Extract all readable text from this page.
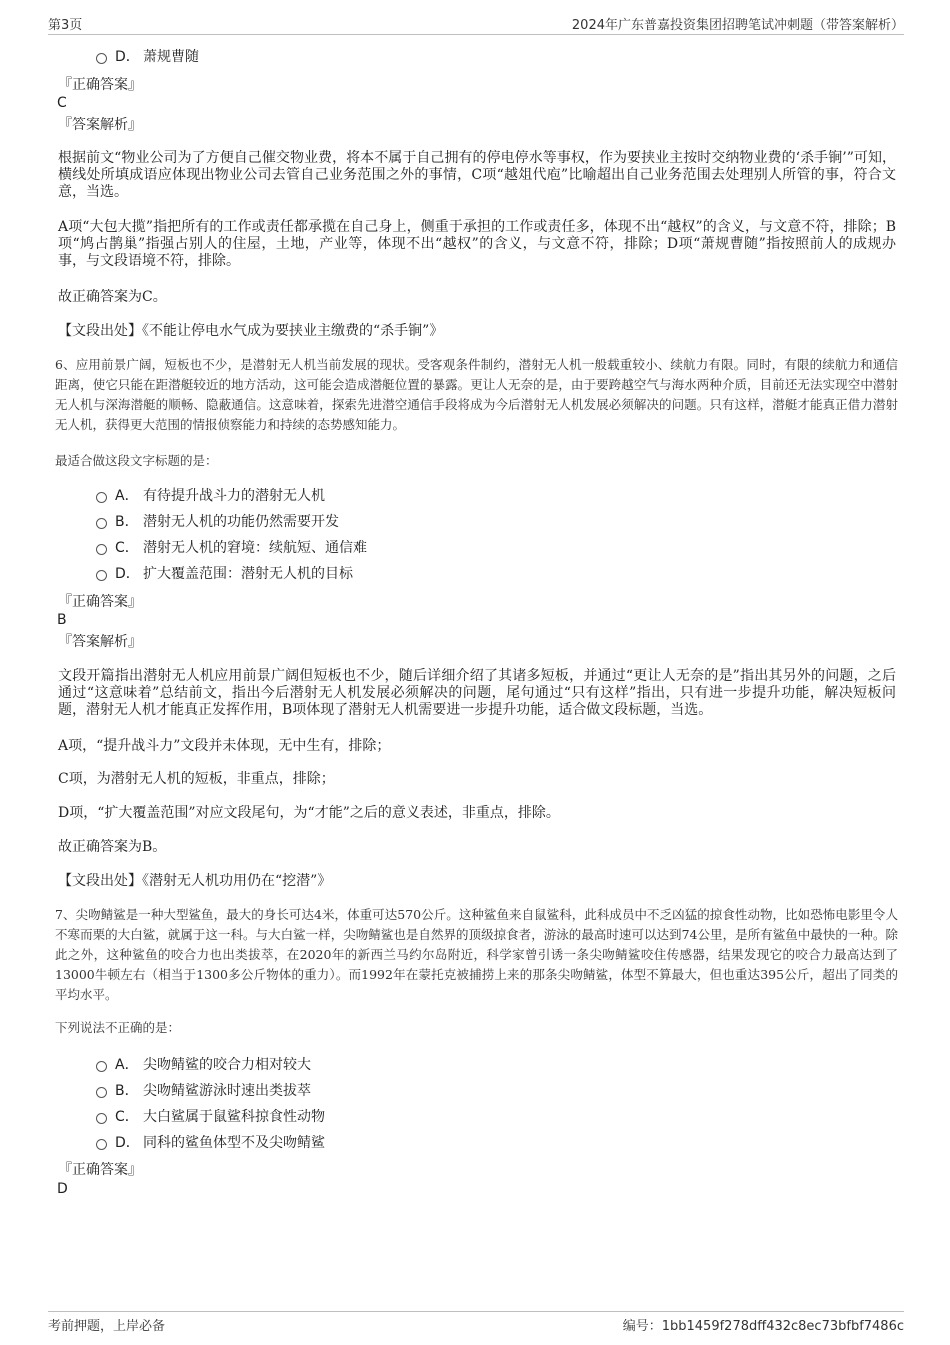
第3页	2024年广东普嘉投资集团招聘笔试冲刺题（带答案解析）
D． 萧规曹随
『正确答案』
C
『答案解析』
根据前文“物业公司为了方便自己催交物业费，将本不属于自己拥有的停电停水等事权，作为要挟业主按时交纳物业费的‘杀手锏’”可知，横线处所填成语应体现出物业公司去管自己业务范围之外的事情，C项“越俎代庖”比喻超出自己业务范围去处理别人所管的事，符合文意，当选。
A项“大包大揽”指把所有的工作或责任都承揽在自己身上，侧重于承担的工作或责任多，体现不出“越权”的含义，与文意不符，排除；B项“鸠占鹊巢”指强占别人的住屋，土地，产业等，体现不出“越权”的含义，与文意不符，排除；D项“萧规曹随”指按照前人的成规办事，与文段语境不符，排除。
故正确答案为C。
【文段出处】《不能让停电水气成为要挟业主缴费的“杀手锏”》
6、应用前景广阔，短板也不少，是潜射无人机当前发展的现状。受客观条件制约，潜射无人机一般载重较小、续航力有限。同时，有限的续航力和通信距离，使它只能在距潜艇较近的地方活动，这可能会造成潜艇位置的暴露。更让人无奈的是，由于要跨越空气与海水两种介质，目前还无法实现空中潜射无人机与深海潜艇的顺畅、隐蔽通信。这意味着，探索先进潜空通信手段将成为今后潜射无人机发展必须解决的问题。只有这样，潜艇才能真正借力潜射无人机，获得更大范围的情报侦察能力和持续的态势感知能力。
最适合做这段文字标题的是：
A． 有待提升战斗力的潜射无人机
B． 潜射无人机的功能仍然需要开发
C． 潜射无人机的窘境：续航短、通信难
D． 扩大覆盖范围：潜射无人机的目标
『正确答案』
B
『答案解析』
文段开篇指出潜射无人机应用前景广阔但短板也不少，随后详细介绍了其诸多短板，并通过“更让人无奈的是”指出其另外的问题，之后通过“这意味着”总结前文，指出今后潜射无人机发展必须解决的问题，尾句通过“只有这样”指出，只有进一步提升功能，解决短板问题，潜射无人机才能真正发挥作用，B项体现了潜射无人机需要进一步提升功能，适合做文段标题，当选。
A项，“提升战斗力”文段并未体现，无中生有，排除；
C项，为潜射无人机的短板，非重点，排除；
D项，“扩大覆盖范围”对应文段尾句，为“才能”之后的意义表述，非重点，排除。
故正确答案为B。
【文段出处】《潜射无人机功用仍在“挖潜”》
7、尖吻鲭鲨是一种大型鲨鱼，最大的身长可达4米，体重可达570公斤。这种鲨鱼来自鼠鲨科，此科成员中不乏凶猛的掠食性动物，比如恐怖电影里令人不寒而栗的大白鲨，就属于这一科。与大白鲨一样，尖吻鲭鲨也是自然界的顶级掠食者，游泳的最高时速可以达到74公里，是所有鲨鱼中最快的一种。除此之外，这种鲨鱼的咬合力也出类拔萃，在2020年的新西兰马约尔岛附近，科学家曾引诱一条尖吻鲭鲨咬住传感器，结果发现它的咬合力最高达到了13000牛顿左右（相当于1300多公斤物体的重力）。而1992年在蒙托克被捕捞上来的那条尖吻鲭鲨，体型不算最大，但也重达395公斤，超出了同类的平均水平。
下列说法不正确的是：
A． 尖吻鲭鲨的咬合力相对较大
B． 尖吻鲭鲨游泳时速出类拔萃
C． 大白鲨属于鼠鲨科掠食性动物
D． 同科的鲨鱼体型不及尖吻鲭鲨
『正确答案』
D
考前押题，上岸必备	编号：1bb1459f278dff432c8ec73bfbf7486c
